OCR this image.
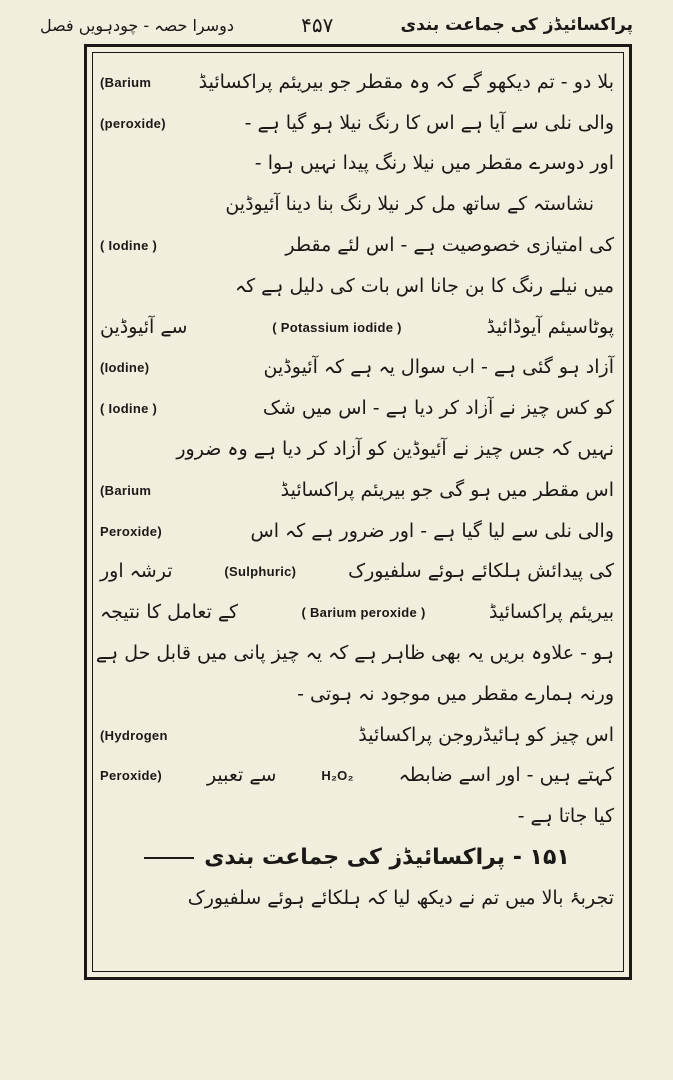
پراکسائیڈز کی جماعت بندی
۴۵۷
دوسرا حصہ - چودہویں فصل
بلا دو - تم دیکھو گے کہ وہ مقطر جو بیریئم پراکسائیڈ
(Barium
والی نلی سے آیا ہے اس کا رنگ نیلا ہو گیا ہے -
(peroxide)
اور دوسرے مقطر میں نیلا رنگ پیدا نہیں ہوا -
نشاستہ کے ساتھ مل کر نیلا رنگ بنا دینا آئیوڈین
کی امتیازی خصوصیت ہے - اس لئے مقطر
( Iodine )
میں نیلے رنگ کا بن جانا اس بات کی دلیل ہے کہ
پوٹاسیئم آیوڈائیڈ
( Potassium iodide )
سے آئیوڈین
آزاد ہو گئی ہے - اب سوال یہ ہے کہ آئیوڈین
(Iodine)
کو کس چیز نے آزاد کر دیا ہے - اس میں شک
( Iodine )
نہیں کہ جس چیز نے آئیوڈین کو آزاد کر دیا ہے وہ ضرور
اس مقطر میں ہو گی جو بیریئم پراکسائیڈ
(Barium
والی نلی سے لیا گیا ہے - اور ضرور ہے کہ اس
Peroxide)
کی پیدائش ہلکائے ہوئے سلفیورک
(Sulphuric)
ترشہ اور
بیریئم پراکسائیڈ
( Barium peroxide )
کے تعامل کا نتیجہ
ہو - علاوہ بریں یہ بھی ظاہر ہے کہ یہ چیز پانی میں قابل حل ہے
ورنہ ہمارے مقطر میں موجود نہ ہوتی -
اس چیز کو ہائیڈروجن پراکسائیڈ
(Hydrogen
کہتے ہیں - اور اسے ضابطہ
H₂O₂
سے تعبیر
Peroxide)
کیا جاتا ہے -
۱۵۱ - پراکسائیڈز کی جماعت بندی
تجربۂ بالا میں تم نے دیکھ لیا کہ ہلکائے ہوئے سلفیورک
